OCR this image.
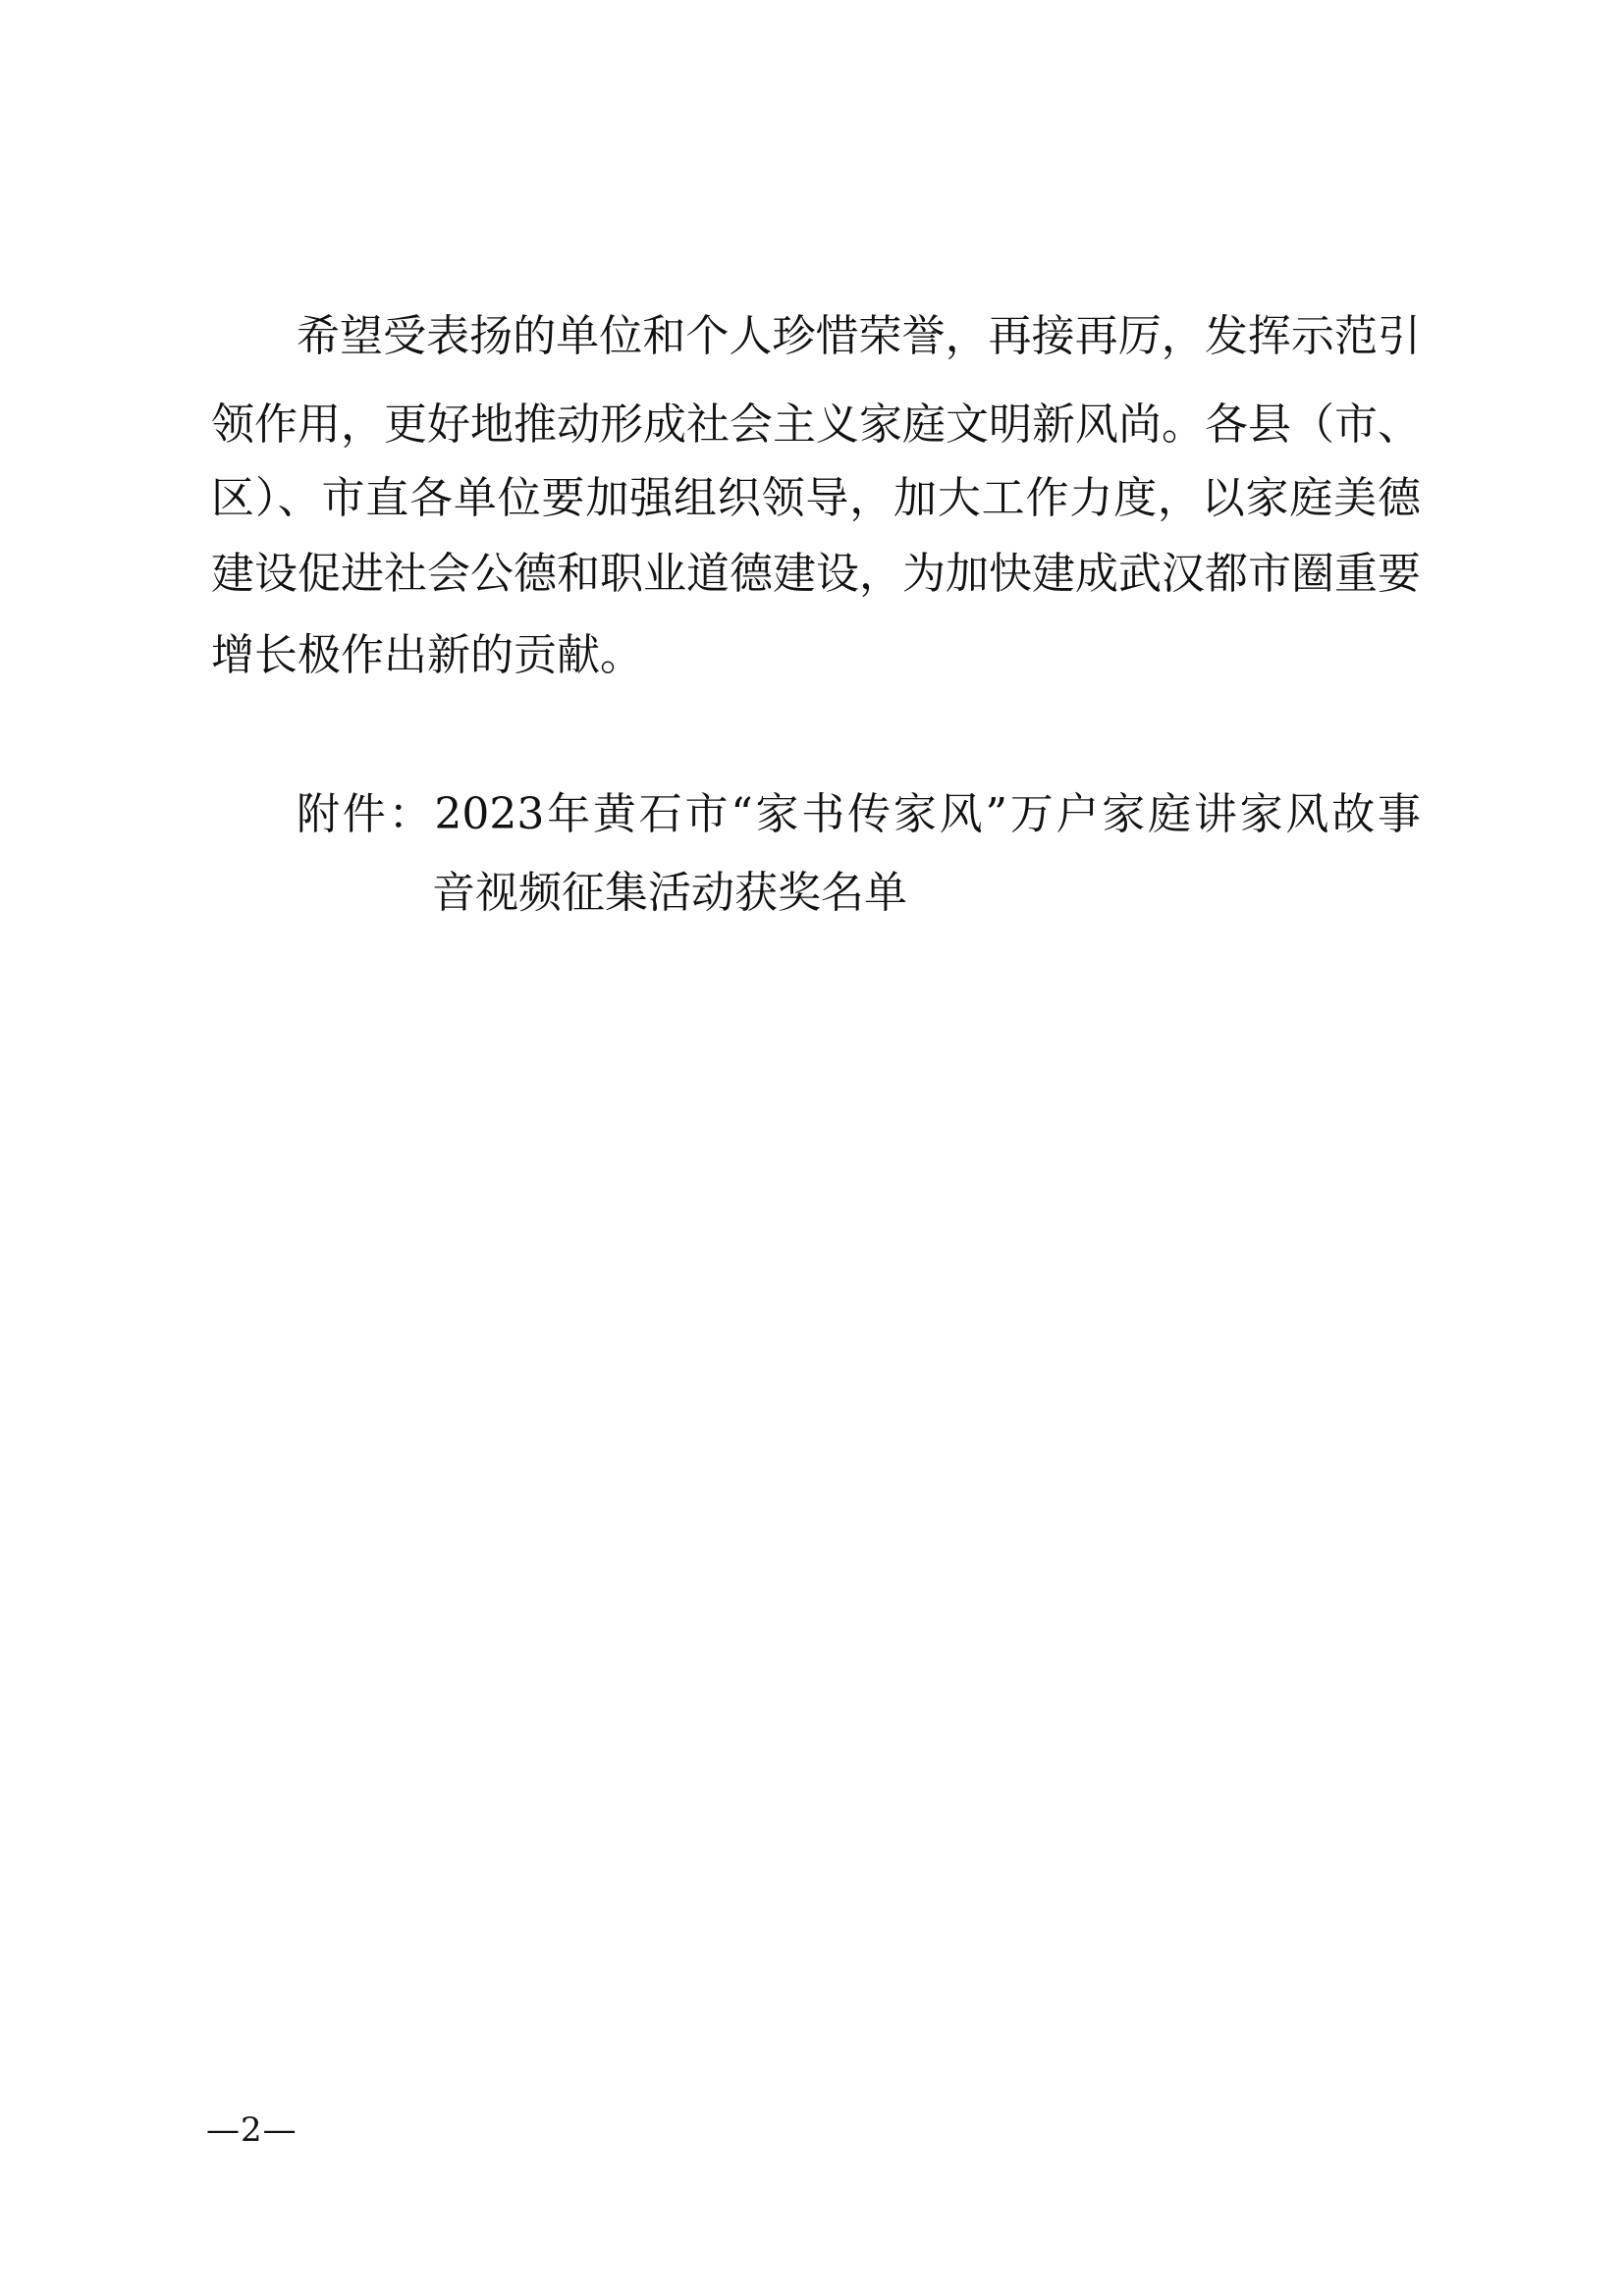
希望受表扬的单位和个人珍惜荣誉，再接再厉，发挥示范引
领作用，更好地推动形成社会主义家庭文明新风尚。各县（市、
区）、市直各单位要加强组织领导，加大工作力度，以家庭美德
建设促进社会公德和职业道德建设，为加快建成武汉都市圈重要
增长极作出新的贡献。
附件：2023年黄石市“家书传家风”万户家庭讲家风故事
音视频征集活动获奖名单
—2—
